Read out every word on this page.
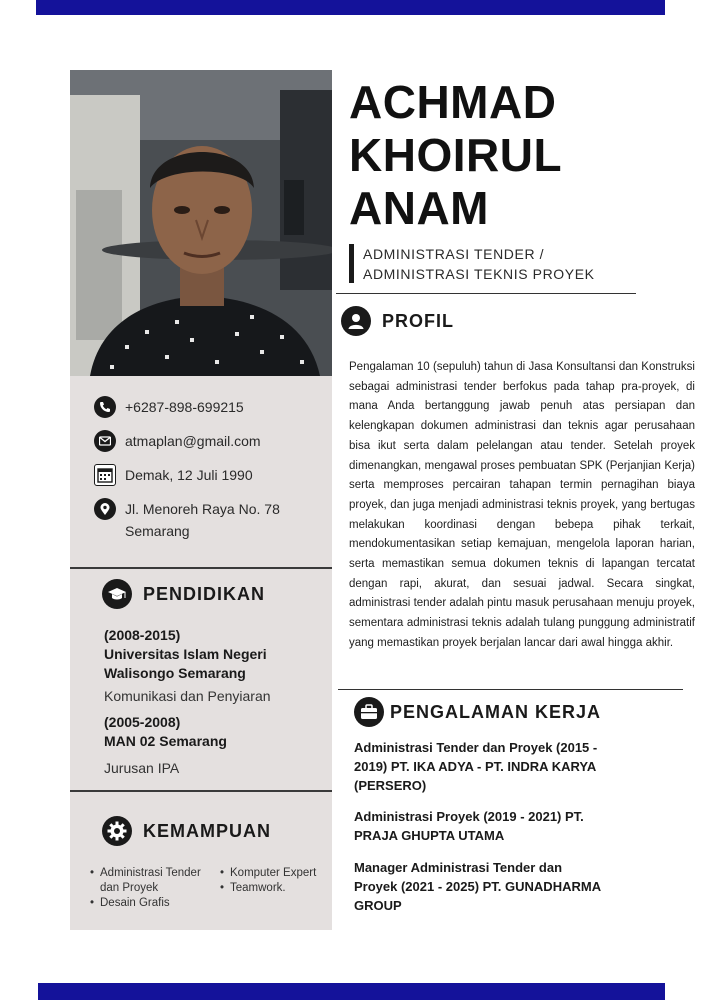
+6287-898-699215
atmaplan@gmail.com
Demak, 12 Juli 1990
Jl. Menoreh Raya No. 78
Semarang
PENDIDIKAN
(2008-2015)
Universitas Islam Negeri
Walisongo Semarang
Komunikasi dan Penyiaran
(2005-2008)
MAN 02 Semarang
Jurusan IPA
KEMAMPUAN
• Administrasi Tender dan Proyek
• Desain Grafis
• Komputer Expert
• Teamwork.
ACHMAD
KHOIRUL
ANAM
ADMINISTRASI TENDER /
ADMINISTRASI TEKNIS PROYEK
PROFIL
Pengalaman 10 (sepuluh) tahun di Jasa Konsultansi dan Konstruksi sebagai administrasi tender berfokus pada tahap pra-proyek, di mana Anda bertanggung jawab penuh atas persiapan dan kelengkapan dokumen administrasi dan teknis agar perusahaan bisa ikut serta dalam pelelangan atau tender. Setelah proyek dimenangkan, mengawal proses pembuatan SPK (Perjanjian Kerja) serta memproses percairan tahapan termin pernagihan biaya proyek, dan juga menjadi administrasi teknis proyek, yang bertugas melakukan koordinasi dengan bebepa pihak terkait, mendokumentasikan setiap kemajuan, mengelola laporan harian, serta memastikan semua dokumen teknis di lapangan tercatat dengan rapi, akurat, dan sesuai jadwal. Secara singkat, administrasi tender adalah pintu masuk perusahaan menuju proyek, sementara administrasi teknis adalah tulang punggung administratif yang memastikan proyek berjalan lancar dari awal hingga akhir.
PENGALAMAN KERJA
Administrasi Tender dan Proyek (2015 -
2019) PT. IKA ADYA - PT. INDRA KARYA
(PERSERO)
Administrasi Proyek (2019 - 2021) PT.
PRAJA GHUPTA UTAMA
Manager Administrasi Tender dan
Proyek (2021 - 2025) PT. GUNADHARMA
GROUP
